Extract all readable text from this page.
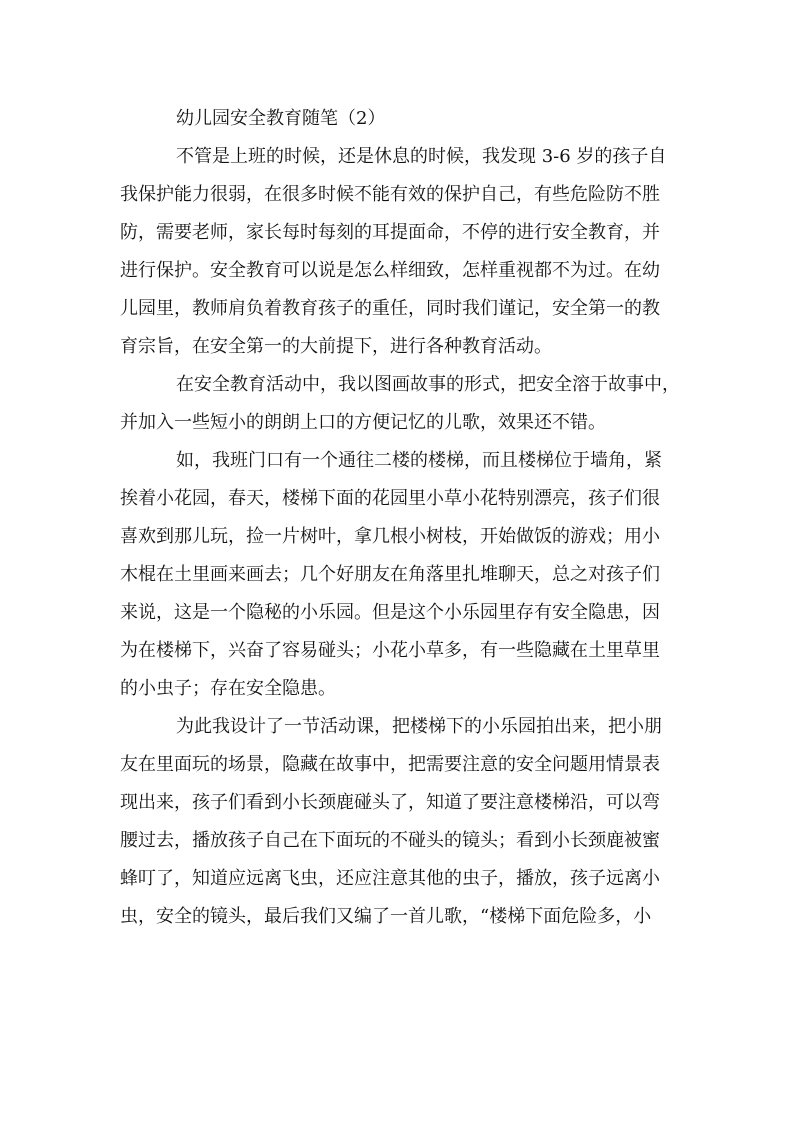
幼儿园安全教育随笔（2）

不管是上班的时候，还是休息的时候，我发现 3-6 岁的孩子自

我保护能力很弱，在很多时候不能有效的保护自己，有些危险防不胜

防，需要老师，家长每时每刻的耳提面命，不停的进行安全教育，并

进行保护。安全教育可以说是怎么样细致，怎样重视都不为过。在幼

儿园里，教师肩负着教育孩子的重任，同时我们谨记，安全第一的教

育宗旨，在安全第一的大前提下，进行各种教育活动。

在安全教育活动中，我以图画故事的形式，把安全溶于故事中，

并加入一些短小的朗朗上口的方便记忆的儿歌，效果还不错。

如，我班门口有一个通往二楼的楼梯，而且楼梯位于墙角，紧

挨着小花园，春天，楼梯下面的花园里小草小花特别漂亮，孩子们很

喜欢到那儿玩，捡一片树叶，拿几根小树枝，开始做饭的游戏；用小

木棍在土里画来画去；几个好朋友在角落里扎堆聊天，总之对孩子们

来说，这是一个隐秘的小乐园。但是这个小乐园里存有安全隐患，因

为在楼梯下，兴奋了容易碰头；小花小草多，有一些隐藏在土里草里

的小虫子；存在安全隐患。

为此我设计了一节活动课，把楼梯下的小乐园拍出来，把小朋

友在里面玩的场景，隐藏在故事中，把需要注意的安全问题用情景表

现出来，孩子们看到小长颈鹿碰头了，知道了要注意楼梯沿，可以弯

腰过去，播放孩子自己在下面玩的不碰头的镜头；看到小长颈鹿被蜜

蜂叮了，知道应远离飞虫，还应注意其他的虫子，播放，孩子远离小

虫，安全的镜头，最后我们又编了一首儿歌，“楼梯下面危险多，小
